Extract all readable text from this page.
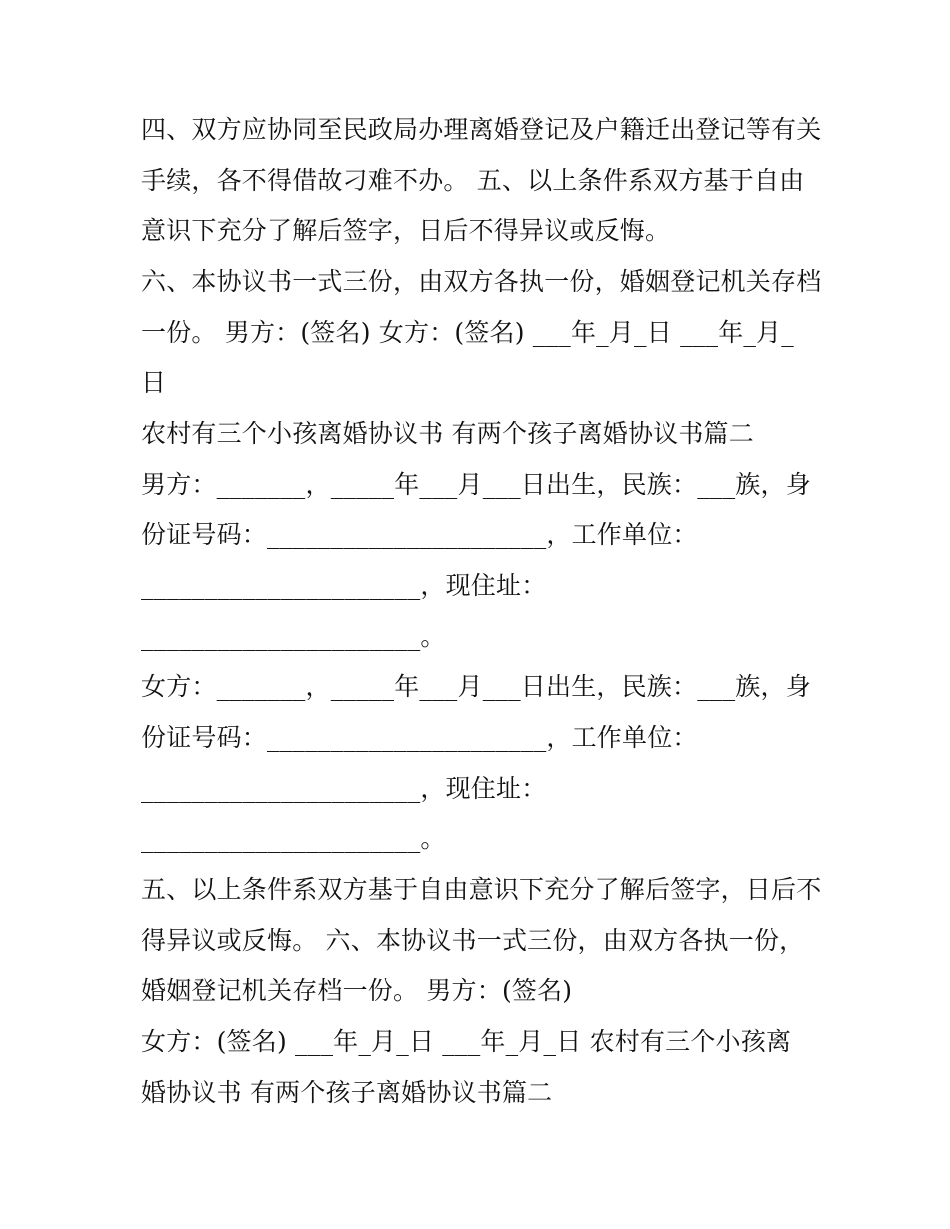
四、双方应协同至民政局办理离婚登记及户籍迁出登记等有关
手续，各不得借故刁难不办。 五、以上条件系双方基于自由
意识下充分了解后签字，日后不得异议或反悔。
六、本协议书一式三份，由双方各执一份，婚姻登记机关存档
一份。 男方：(签名) 女方：(签名) ___年_月_日 ___年_月_
日
农村有三个小孩离婚协议书 有两个孩子离婚协议书篇二
男方：_______，_____年___月___日出生，民族：___族，身
份证号码：______________________，工作单位：
______________________，现住址：
______________________。
女方：_______，_____年___月___日出生，民族：___族，身
份证号码：______________________，工作单位：
______________________，现住址：
______________________。
五、以上条件系双方基于自由意识下充分了解后签字，日后不
得异议或反悔。 六、本协议书一式三份，由双方各执一份，
婚姻登记机关存档一份。 男方：(签名)
女方：(签名) ___年_月_日 ___年_月_日 农村有三个小孩离
婚协议书 有两个孩子离婚协议书篇二
